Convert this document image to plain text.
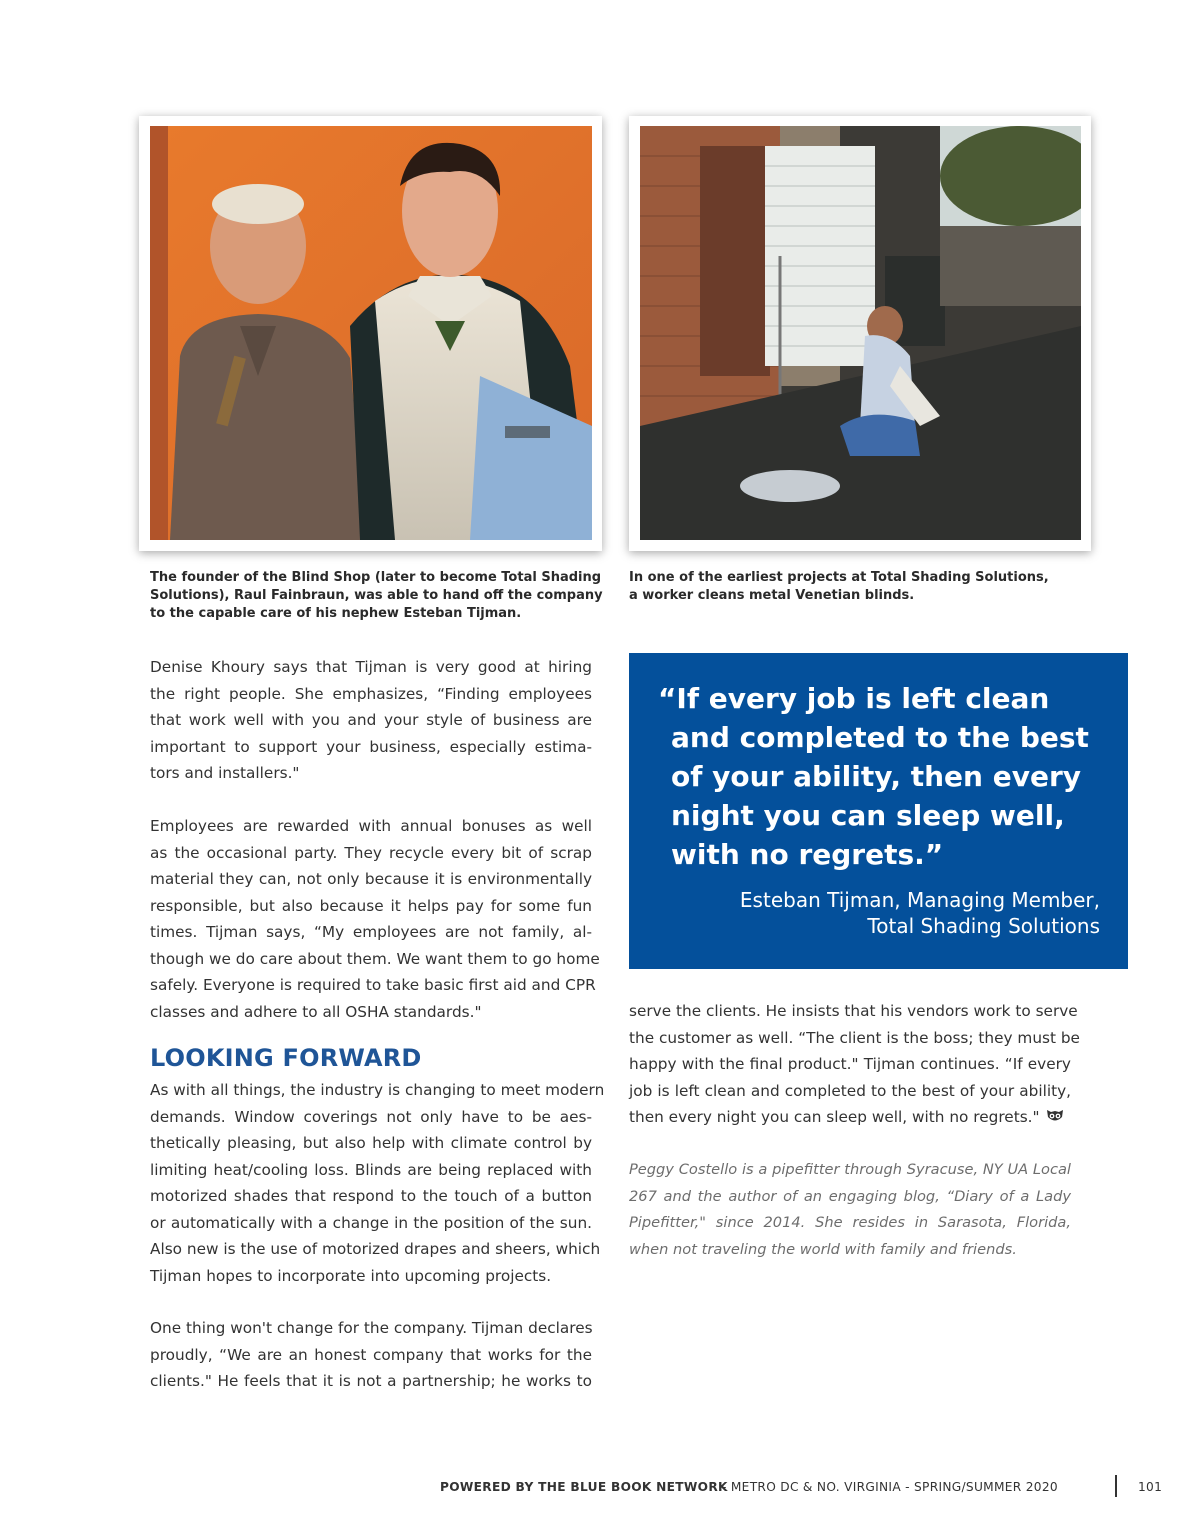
The founder of the Blind Shop (later to become Total Shading
Solutions), Raul Fainbraun, was able to hand off the company
to the capable care of his nephew Esteban Tijman.
In one of the earliest projects at Total Shading Solutions,
a worker cleans metal Venetian blinds.

Denise Khoury says that Tijman is very good at hiring
the right people. She emphasizes, “Finding employees
that work well with you and your style of business are
important to support your business, especially estima-
tors and installers."

Employees are rewarded with annual bonuses as well
as the occasional party. They recycle every bit of scrap
material they can, not only because it is environmentally
responsible, but also because it helps pay for some fun
times. Tijman says, “My employees are not family, al-
though we do care about them. We want them to go home
safely. Everyone is required to take basic first aid and CPR
classes and adhere to all OSHA standards."

LOOKING FORWARD

As with all things, the industry is changing to meet modern
demands. Window coverings not only have to be aes-
thetically pleasing, but also help with climate control by
limiting heat/cooling loss. Blinds are being replaced with
motorized shades that respond to the touch of a button
or automatically with a change in the position of the sun.
Also new is the use of motorized drapes and sheers, which
Tijman hopes to incorporate into upcoming projects.

One thing won't change for the company. Tijman declares
proudly, “We are an honest company that works for the
clients." He feels that it is not a partnership; he works to

“If every job is left clean
and completed to the best
of your ability, then every
night you can sleep well,
with no regrets.”

Esteban Tijman, Managing Member,
Total Shading Solutions

serve the clients. He insists that his vendors work to serve
the customer as well. “The client is the boss; they must be
happy with the final product." Tijman continues. “If every
job is left clean and completed to the best of your ability,
then every night you can sleep well, with no regrets."

Peggy Costello is a pipefitter through Syracuse, NY UA Local
267 and the author of an engaging blog, “Diary of a Lady
Pipefitter," since 2014. She resides in Sarasota, Florida,
when not traveling the world with family and friends.
POWERED BY THE BLUE BOOK NETWORK
- METRO DC & NO. VIRGINIA - SPRING/SUMMER 2020	101
